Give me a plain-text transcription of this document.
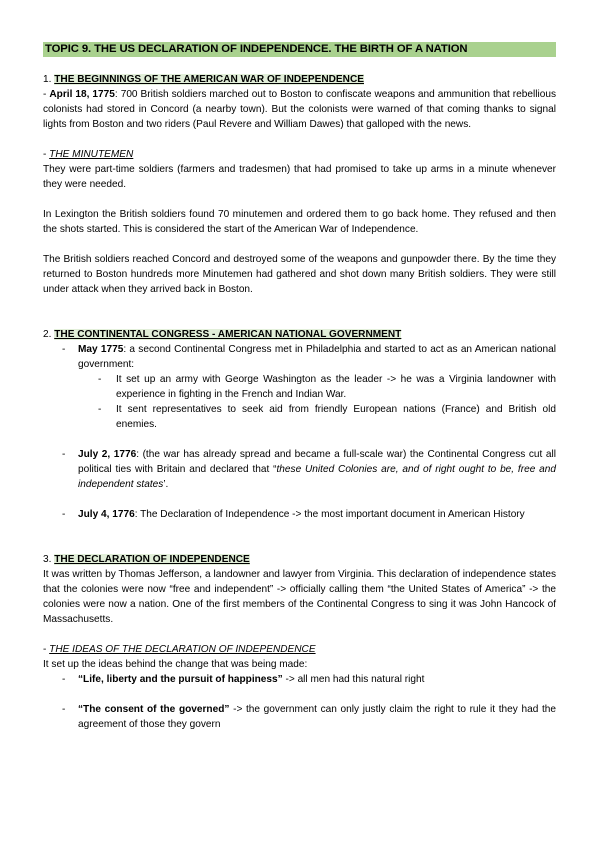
TOPIC 9. THE US DECLARATION OF INDEPENDENCE. THE BIRTH OF A NATION
1. THE BEGINNINGS OF THE AMERICAN WAR OF INDEPENDENCE

- April 18, 1775: 700 British soldiers marched out to Boston to confiscate weapons and ammunition that rebellious colonists had stored in Concord (a nearby town). But the colonists were warned of that coming thanks to signal lights from Boston and two riders (Paul Revere and William Dawes) that galloped with the news.

- THE MINUTEMEN

They were part-time soldiers (farmers and tradesmen) that had promised to take up arms in a minute whenever they were needed.

In Lexington the British soldiers found 70 minutemen and ordered them to go back home. They refused and then the shots started. This is considered the start of the American War of Independence.

The British soldiers reached Concord and destroyed some of the weapons and gunpowder there. By the time they returned to Boston hundreds more Minutemen had gathered and shot down many British soldiers. They were still under attack when they arrived back in Boston.

2. THE CONTINENTAL CONGRESS - AMERICAN NATIONAL GOVERNMENT
- May 1775: a second Continental Congress met in Philadelphia and started to act as an American national government:
- It set up an army with George Washington as the leader -> he was a Virginia landowner with experience in fighting in the French and Indian War.
- It sent representatives to seek aid from friendly European nations (France) and British old enemies.
- July 2, 1776: (the war has already spread and became a full-scale war) the Continental Congress cut all political ties with Britain and declared that “these United Colonies are, and of right ought to be, free and independent states’.
- July 4, 1776: The Declaration of Independence -> the most important document in American History
3. THE DECLARATION OF INDEPENDENCE

It was written by Thomas Jefferson, a landowner and lawyer from Virginia. This declaration of independence states that the colonies were now “free and independent” -> officially calling them “the United States of America” -> the colonies were now a nation. One of the first members of the Continental Congress to sing it was John Hancock of Massachusetts.

- THE IDEAS OF THE DECLARATION OF INDEPENDENCE

It set up the ideas behind the change that was being made:

- “Life, liberty and the pursuit of happiness” -> all men had this natural right
- “The consent of the governed” -> the government can only justly claim the right to rule it they had the agreement of those they govern
